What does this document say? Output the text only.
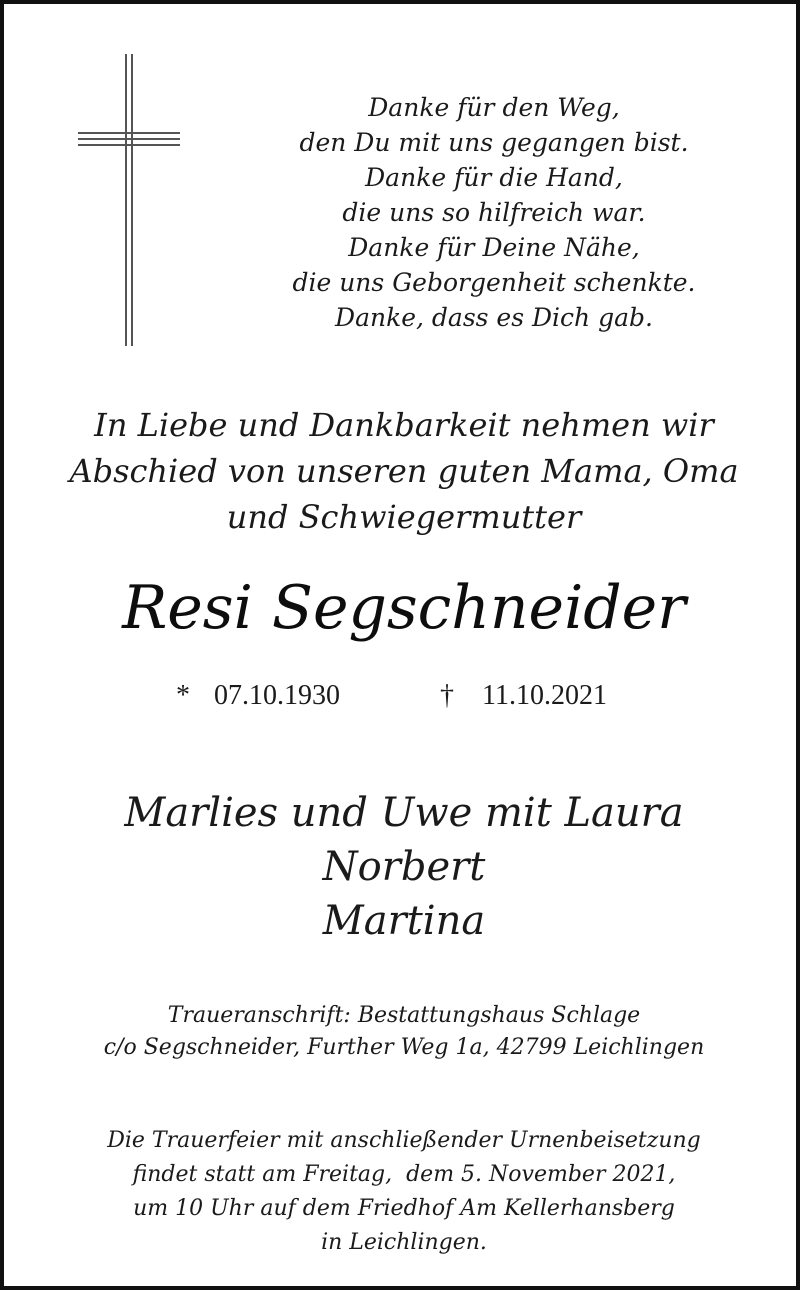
Danke für den Weg,
den Du mit uns gegangen bist.
Danke für die Hand,
die uns so hilfreich war.
Danke für Deine Nähe,
die uns Geborgenheit schenkte.
Danke, dass es Dich gab.
In Liebe und Dankbarkeit nehmen wir
Abschied von unseren guten Mama, Oma
und Schwiegermutter
Resi Segschneider
* 07.10.1930	† 11.10.2021
Marlies und Uwe mit Laura
Norbert
Martina
Traueranschrift: Bestattungshaus Schlage
c/o Segschneider, Further Weg 1a, 42799 Leichlingen
Die Trauerfeier mit anschließender Urnenbeisetzung
findet statt am Freitag,  dem 5. November 2021,
um 10 Uhr auf dem Friedhof Am Kellerhansberg
in Leichlingen.
